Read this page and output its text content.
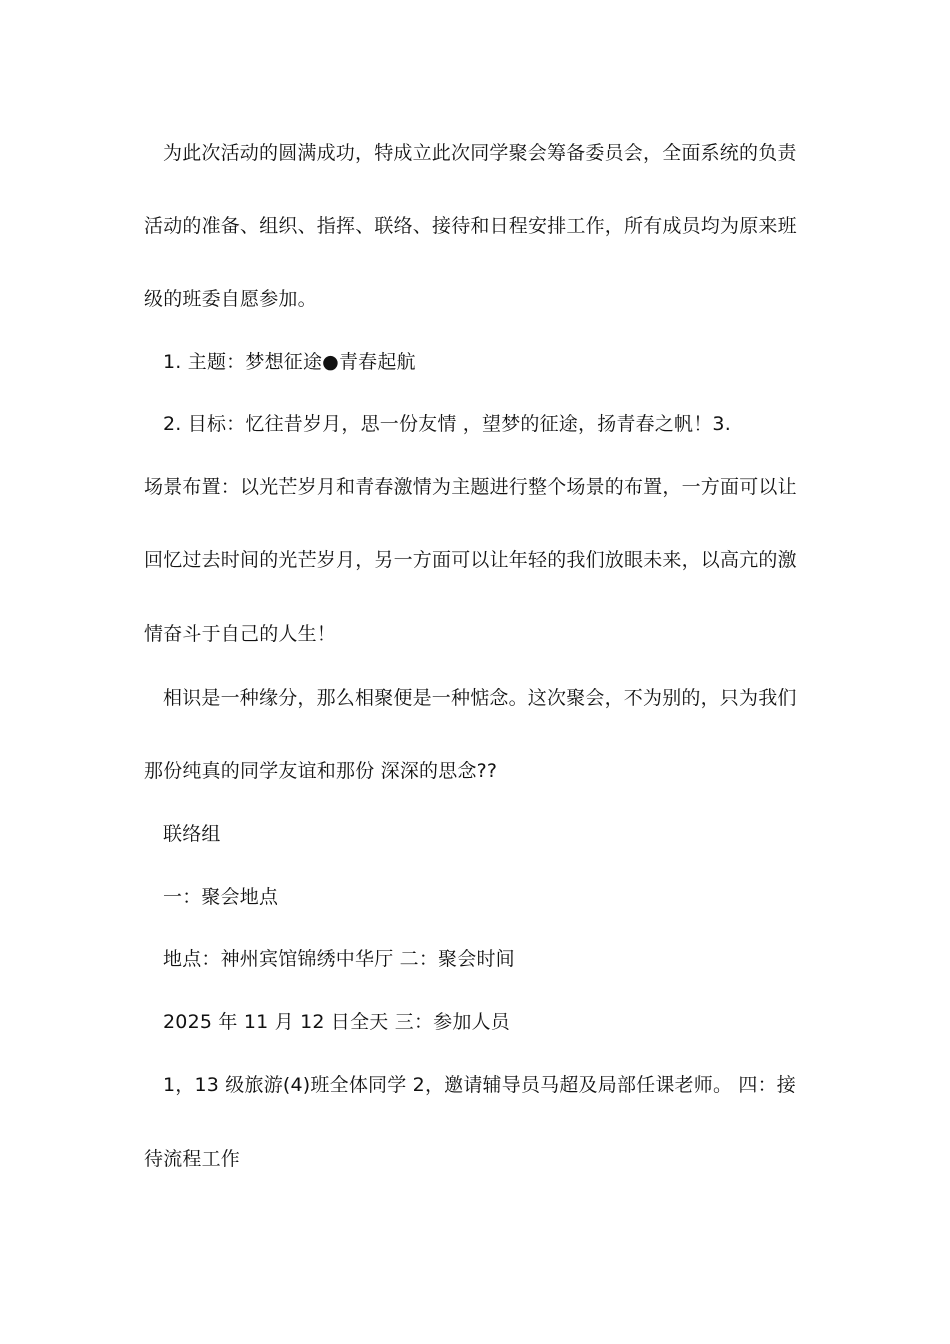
为此次活动的圆满成功，特成立此次同学聚会筹备委员会，全面系统的负责
活动的准备、组织、指挥、联络、接待和日程安排工作，所有成员均为原来班
级的班委自愿参加。
1. 主题：梦想征途●青春起航
2. 目标：忆往昔岁月，思一份友情 ，望梦的征途，扬青春之帆！3.
场景布置：以光芒岁月和青春激情为主题进行整个场景的布置，一方面可以让
回忆过去时间的光芒岁月，另一方面可以让年轻的我们放眼未来，以高亢的激
情奋斗于自己的人生！
相识是一种缘分，那么相聚便是一种惦念。这次聚会，不为别的，只为我们
那份纯真的同学友谊和那份 深深的思念??
联络组
一：聚会地点
地点：神州宾馆锦绣中华厅 二：聚会时间
2025 年 11 月 12 日全天 三：参加人员
1，13 级旅游(4)班全体同学 2，邀请辅导员马超及局部任课老师。 四：接
待流程工作
